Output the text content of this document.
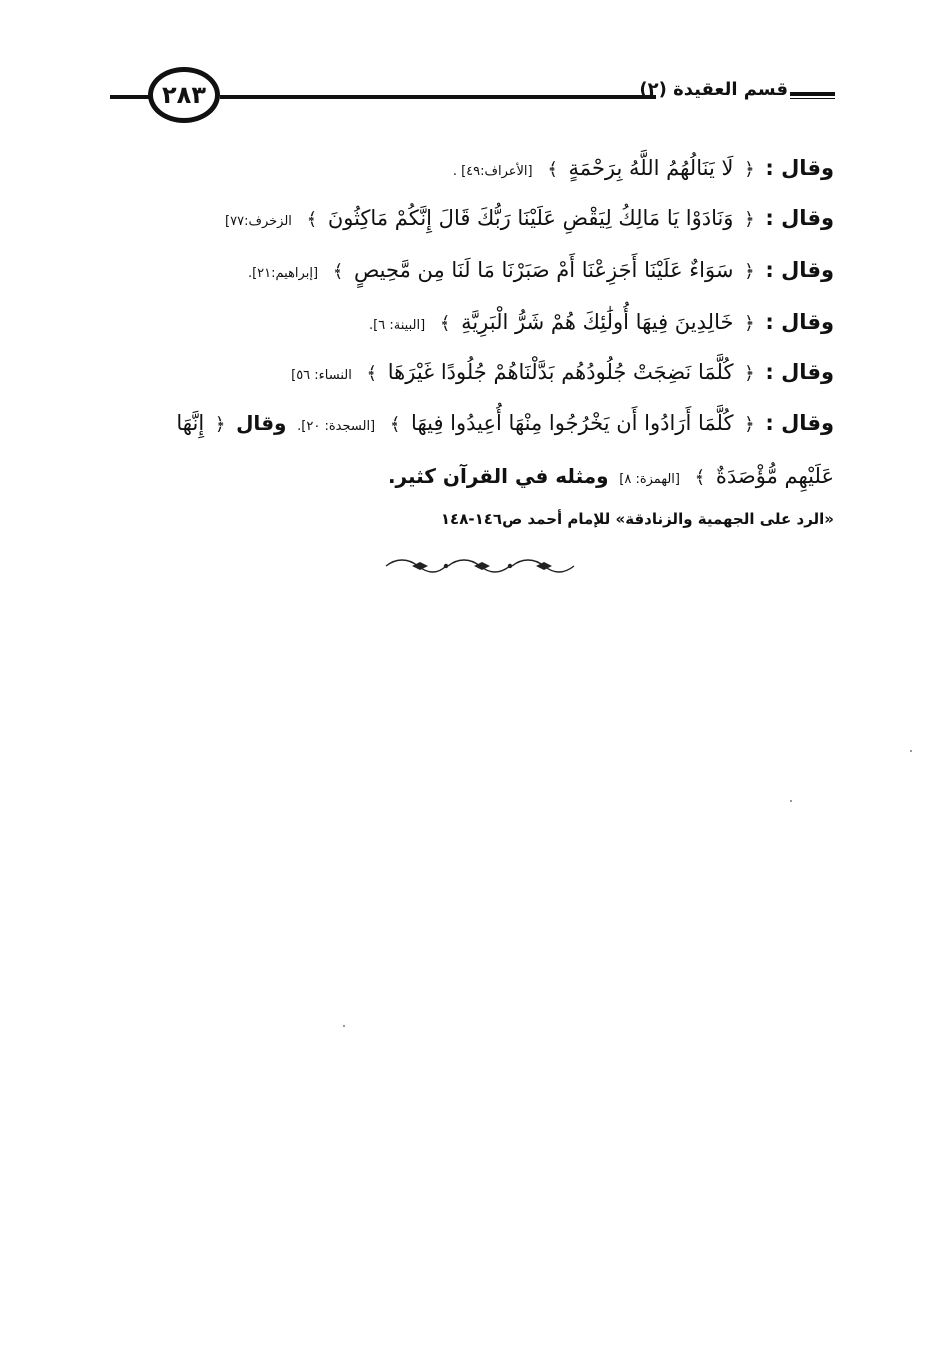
٢٨٣	قسم العقيدة (٢)
وقال : ﴿ لَا يَنَالُهُمُ اللَّهُ بِرَحْمَةٍ ﴾ [الأعراف:٤٩] .
وقال : ﴿ وَنَادَوْا يَا مَالِكُ لِيَقْضِ عَلَيْنَا رَبُّكَ قَالَ إِنَّكُمْ مَاكِثُونَ ﴾ الزخرف:٧٧]
وقال : ﴿ سَوَاءٌ عَلَيْنَا أَجَزِعْنَا أَمْ صَبَرْنَا مَا لَنَا مِن مَّحِيصٍ ﴾ [إبراهيم:٢١].
وقال : ﴿ خَالِدِينَ فِيهَا أُولَٰئِكَ هُمْ شَرُّ الْبَرِيَّةِ ﴾ [البينة: ٦].
وقال : ﴿ كُلَّمَا نَضِجَتْ جُلُودُهُم بَدَّلْنَاهُمْ جُلُودًا غَيْرَهَا ﴾ النساء: ٥٦]
وقال : ﴿ كُلَّمَا أَرَادُوا أَن يَخْرُجُوا مِنْهَا أُعِيدُوا فِيهَا ﴾ [السجدة: ٢٠]. وقال ﴿ إِنَّهَا
عَلَيْهِم مُّؤْصَدَةٌ ﴾ [الهمزة: ٨] ومثله في القرآن كثير.
«الرد على الجهمية والزنادقة» للإمام أحمد ص١٤٦-١٤٨
